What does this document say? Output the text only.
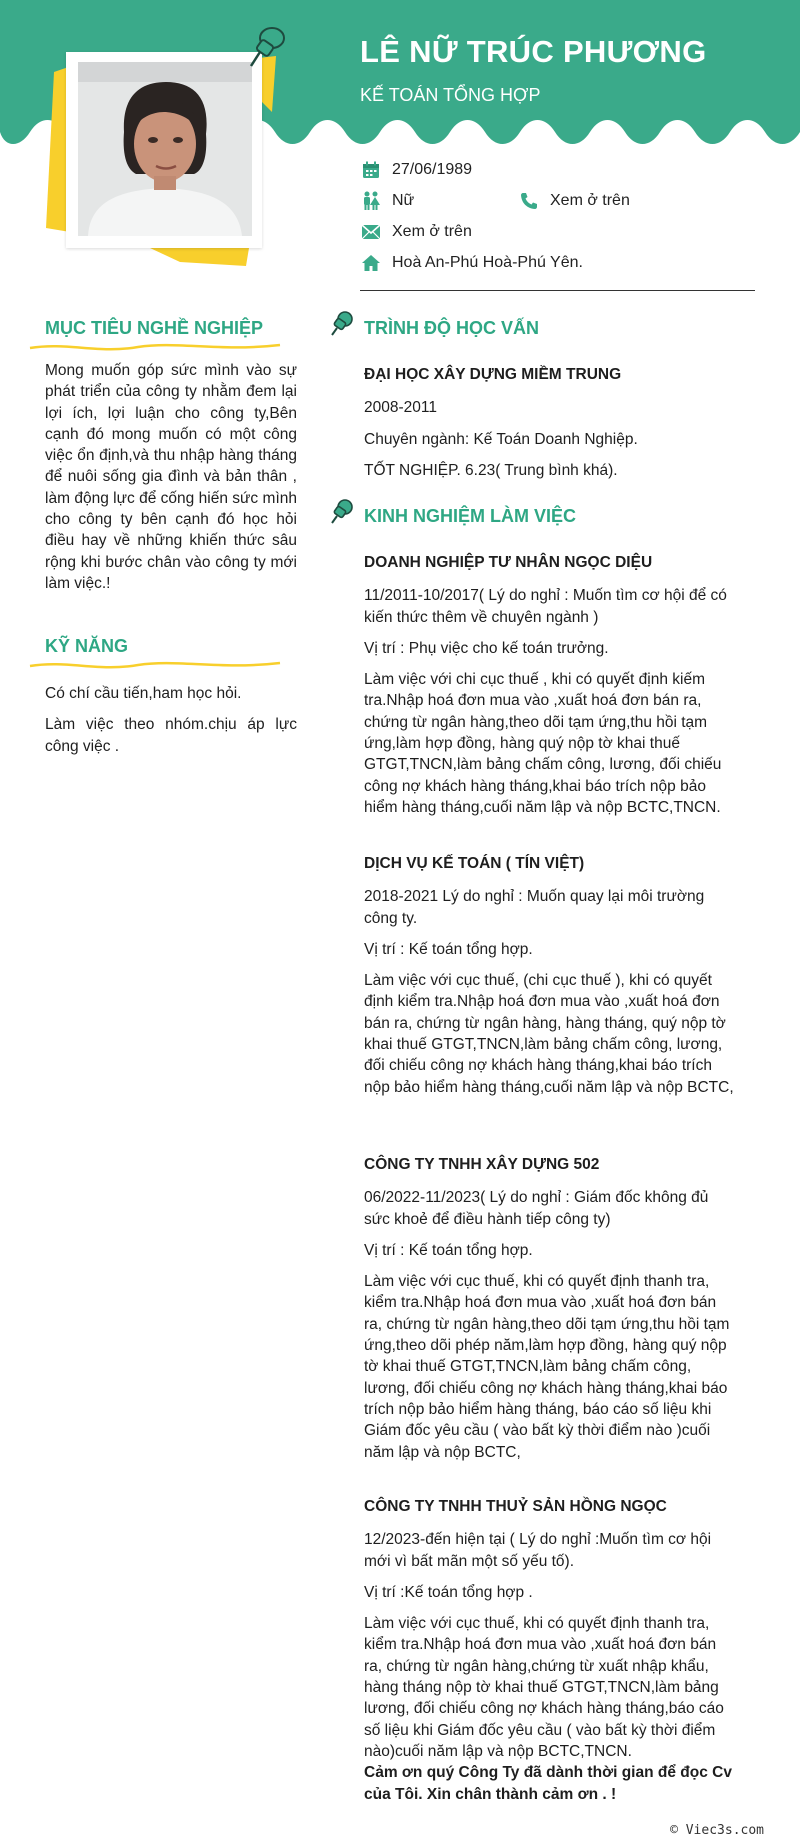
LÊ NỮ TRÚC PHƯƠNG
KẾ TOÁN TỔNG HỢP
27/06/1989
Nữ	Xem ở trên
Xem ở trên
Hoà An-Phú Hoà-Phú Yên.
MỤC TIÊU NGHỀ NGHIỆP

Mong muốn góp sức mình vào sự phát triển của công ty nhằm đem lại lợi ích, lợi luận cho công ty,Bên cạnh đó mong muốn có một công việc ổn định,và thu nhập hàng tháng để nuôi sống gia đình và bản thân , làm động lực để cống hiến sức mình cho công ty bên cạnh đó học hỏi điều hay về những khiến thức sâu rộng khi bước chân vào công ty mới làm việc.!

KỸ NĂNG

Có chí cầu tiến,ham học hỏi.

Làm việc theo nhóm.chịu áp lực công việc .

TRÌNH ĐỘ HỌC VẤN

ĐẠI HỌC XÂY DỰNG MIỀM TRUNG

2008-2011

Chuyên ngành: Kế Toán Doanh Nghiệp.

TỐT NGHIỆP. 6.23( Trung bình khá).

KINH NGHIỆM LÀM VIỆC

DOANH NGHIỆP TƯ NHÂN NGỌC DIỆU

11/2011-10/2017( Lý do nghỉ : Muốn tìm cơ hội để có kiến thức thêm về chuyên ngành )

Vị trí : Phụ việc cho kế toán trưởng.

Làm việc với chi cục thuế , khi có quyết định kiếm tra.Nhập hoá đơn mua vào ,xuất hoá đơn bán ra, chứng từ ngân hàng,theo dõi tạm ứng,thu hồi tạm ứng,làm hợp đồng, hàng quý nộp tờ khai thuế GTGT,TNCN,làm bảng chấm công, lương, đối chiếu công nợ khách hàng tháng,khai báo trích nộp bảo hiểm hàng tháng,cuối năm lập và nộp BCTC,TNCN.

DỊCH VỤ KẾ TOÁN ( TÍN VIỆT)

2018-2021 Lý do nghỉ : Muốn quay lại môi trường công ty.

Vị trí : Kế toán tổng hợp.

Làm việc với cục thuế, (chi cục thuế ), khi có quyết định kiểm tra.Nhập hoá đơn mua vào ,xuất hoá đơn bán ra, chứng từ ngân hàng, hàng tháng, quý nộp tờ khai thuế GTGT,TNCN,làm bảng chấm công, lương, đối chiếu công nợ khách hàng tháng,khai báo trích nộp bảo hiểm hàng tháng,cuối năm lập và nộp BCTC,

CÔNG TY TNHH XÂY DỰNG 502

06/2022-11/2023( Lý do nghỉ : Giám đốc không đủ sức khoẻ để điều hành tiếp công ty)

Vị trí : Kế toán tổng hợp.

Làm việc với cục thuế, khi có quyết định thanh tra, kiểm tra.Nhập hoá đơn mua vào ,xuất hoá đơn bán ra, chứng từ ngân hàng,theo dõi tạm ứng,thu hồi tạm ứng,theo dõi phép năm,làm hợp đồng, hàng quý nộp tờ khai thuế GTGT,TNCN,làm bảng chấm công, lương, đối chiếu công nợ khách hàng tháng,khai báo trích nộp bảo hiểm hàng tháng, báo cáo số liệu khi Giám đốc yêu cầu ( vào bất kỳ thời điểm nào )cuối năm lập và nộp BCTC,

CÔNG TY TNHH THUỶ SẢN HỒNG NGỌC

12/2023-đến hiện tại ( Lý do nghỉ :Muốn tìm cơ hội mới vì bất mãn một số yếu tố).

Vị trí :Kế toán tổng hợp .

Làm việc với cục thuế, khi có quyết định thanh tra, kiểm tra.Nhập hoá đơn mua vào ,xuất hoá đơn bán ra, chứng từ ngân hàng,chứng từ xuất nhập khẩu, hàng tháng nộp tờ khai thuế GTGT,TNCN,làm bảng lương, đối chiếu công nợ khách hàng tháng,báo cáo số liệu khi Giám đốc yêu cầu ( vào bất kỳ thời điểm nào)cuối năm lập và nộp BCTC,TNCN.

Cảm ơn quý Công Ty đã dành thời gian để đọc Cv của Tôi. Xin chân thành cảm ơn . !

© Viec3s.com
